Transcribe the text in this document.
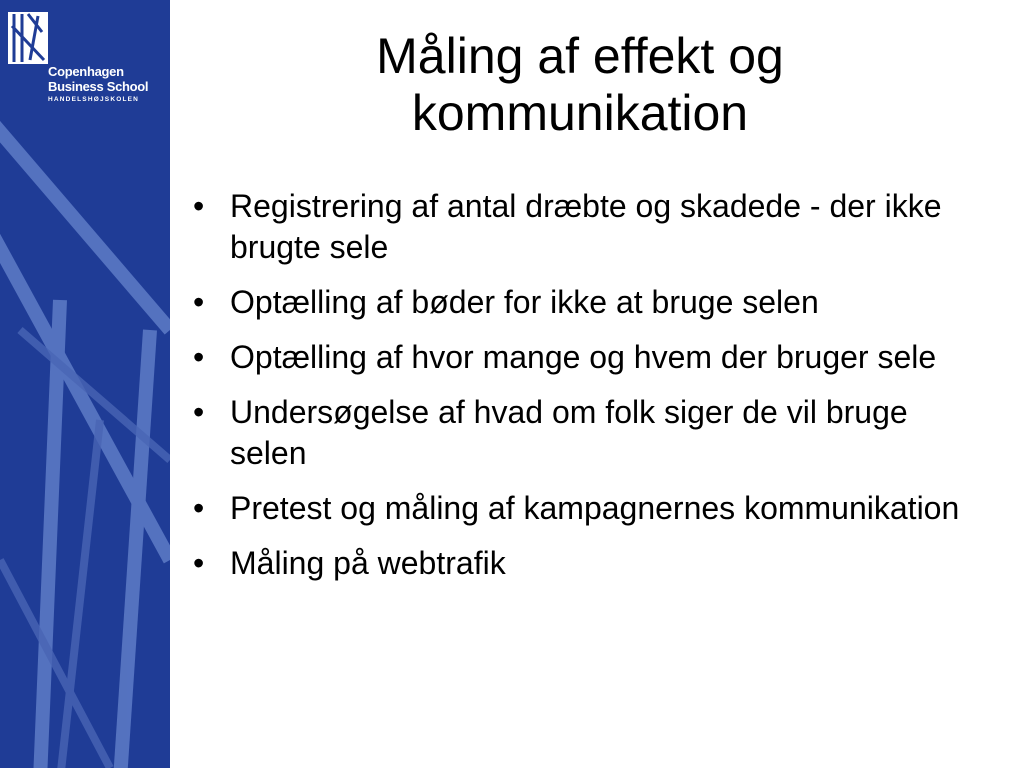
Copenhagen
Business School
HANDELSHØJSKOLEN
Måling af effekt og kommunikation
• Registrering af antal dræbte og skadede - der ikke brugte sele
• Optælling af bøder for ikke at bruge selen
• Optælling af hvor mange og hvem der bruger sele
• Undersøgelse af hvad om folk siger de vil bruge selen
• Pretest og måling af kampagnernes kommunikation
• Måling på webtrafik
